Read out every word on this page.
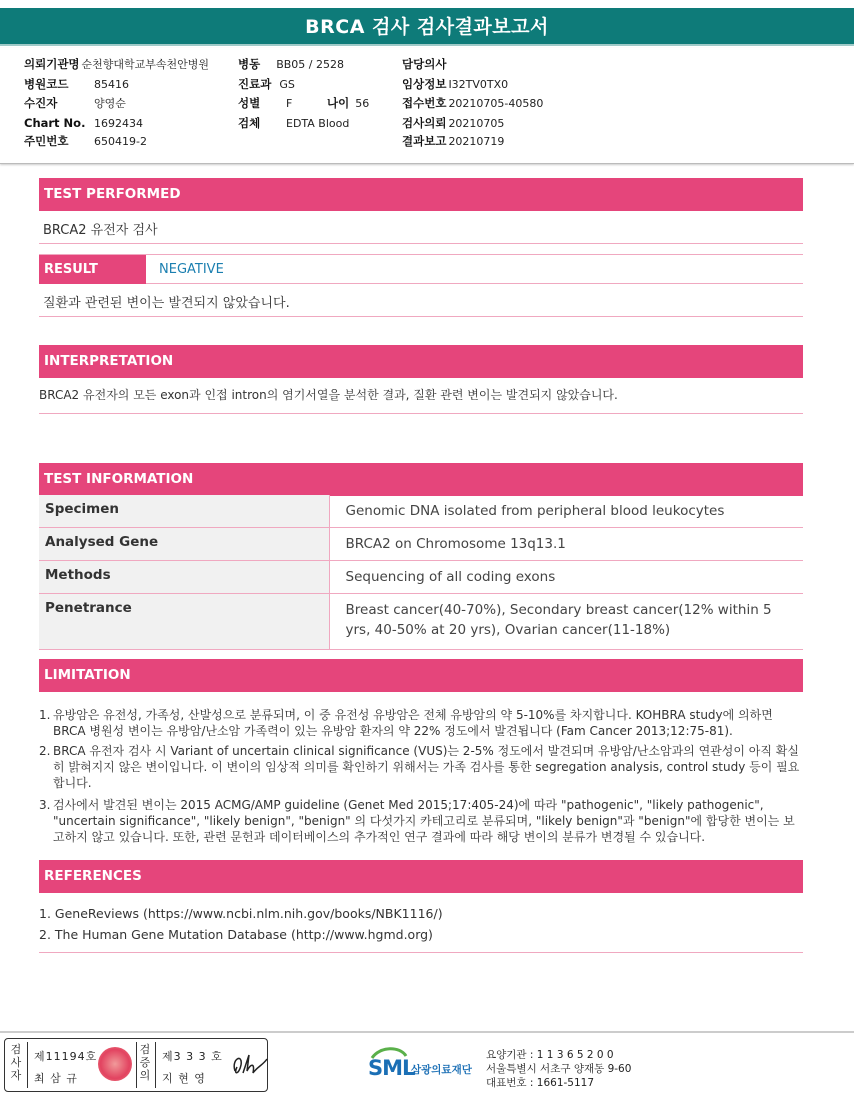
BRCA 검사 검사결과보고서
의뢰기관명 순천향대학교부속천안병원	병동 BB05 / 2528	담당의사
병원코드 85416	진료과 GS	임상정보 I32TV0TX0
수진자	양영순	성별 F	나이 56	접수번호 20210705-40580
Chart No. 1692434	검체 EDTA Blood	검사의뢰 20210705
주민번호 650419-2	결과보고 20210719
TEST PERFORMED
BRCA2 유전자 검사
RESULT	NEGATIVE
질환과 관련된 변이는 발견되지 않았습니다.
INTERPRETATION
BRCA2 유전자의 모든 exon과 인접 intron의 염기서열을 분석한 결과, 질환 관련 변이는 발견되지 않았습니다.
TEST INFORMATION
Specimen	Genomic DNA isolated from peripheral blood leukocytes
Analysed Gene	BRCA2 on Chromosome 13q13.1
Methods	Sequencing of all coding exons
Penetrance	Breast cancer(40-70%), Secondary breast cancer(12% within 5 yrs, 40-50% at 20 yrs), Ovarian cancer(11-18%)
LIMITATION
1. 유방암은 유전성, 가족성, 산발성으로 분류되며, 이 중 유전성 유방암은 전체 유방암의 약 5-10%를 차지합니다. KOHBRA study에 의하면 BRCA 병원성 변이는 유방암/난소암 가족력이 있는 유방암 환자의 약 22% 정도에서 발견됩니다 (Fam Cancer 2013;12:75-81).
2. BRCA 유전자 검사 시 Variant of uncertain clinical significance (VUS)는 2-5% 정도에서 발견되며 유방암/난소암과의 연관성이 아직 확실히 밝혀지지 않은 변이입니다. 이 변이의 임상적 의미를 확인하기 위해서는 가족 검사를 통한 segregation analysis, control study 등이 필요합니다.
3. 검사에서 발견된 변이는 2015 ACMG/AMP guideline (Genet Med 2015;17:405-24)에 따라 "pathogenic", "likely pathogenic", "uncertain significance", "likely benign", "benign" 의 다섯가지 카테고리로 분류되며, "likely benign"과 "benign"에 합당한 변이는 보고하지 않고 있습니다. 또한, 관련 문헌과 데이터베이스의 추가적인 연구 결과에 따라 해당 변이의 분류가 변경될 수 있습니다.
REFERENCES
1. GeneReviews (https://www.ncbi.nlm.nih.gov/books/NBK1116/)
2. The Human Gene Mutation Database (http://www.hgmd.org)
검
사
자
제11194호
최 삼 규
검
증
의
제3 3 3 호
지 현 영	SML
삼광의료재단
요양기관 : 1 1 3 6 5 2 0 0
서울특별시 서초구 양재동 9-60
대표번호 : 1661-5117
